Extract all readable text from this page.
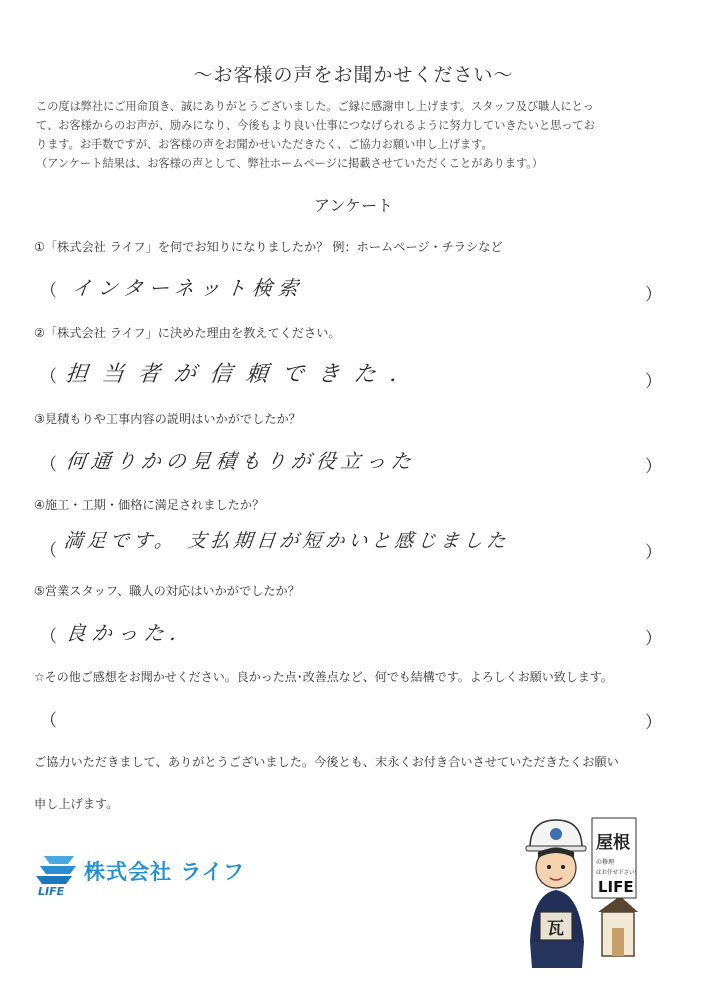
～お客様の声をお聞かせください～

この度は弊社にご用命頂き、誠にありがとうございました。ご縁に感謝申し上げます。スタッフ及び職人にとっ

て、お客様からのお声が、励みになり、今後もより良い仕事につなげられるように努力していきたいと思ってお

ります。お手数ですが、お客様の声をお聞かせいただきたく、ご協力お願い申し上げます。

（アンケート結果は、お客様の声として、弊社ホームページに掲載させていただくことがあります。）

アンケート
①「株式会社 ライフ」を何でお知りになりましたか？ 例：ホームページ・チラシなど
（ インターネット検索	）
②「株式会社 ライフ」に決めた理由を教えてください。
（ 担当者が信頼できた.	）
③見積もりや工事内容の説明はいかがでしたか？
（ 何通りかの見積もりが役立った	）
④施工・工期・価格に満足されましたか？
（ 満足です。 支払期日が短かいと感じました
）
⑤営業スタッフ、職人の対応はいかがでしたか？
（ 良かった.	）
☆その他ご感想をお聞かせください。良かった点･改善点など、何でも結構です。よろしくお願い致します。
（	）
ご協力いただきまして、ありがとうございました。今後とも、末永くお付き合いさせていただきたくお願い
申し上げます。
LIFE
株式会社 ライフ
屋根
の修理
はお任せ下さい!
LIFE
瓦
